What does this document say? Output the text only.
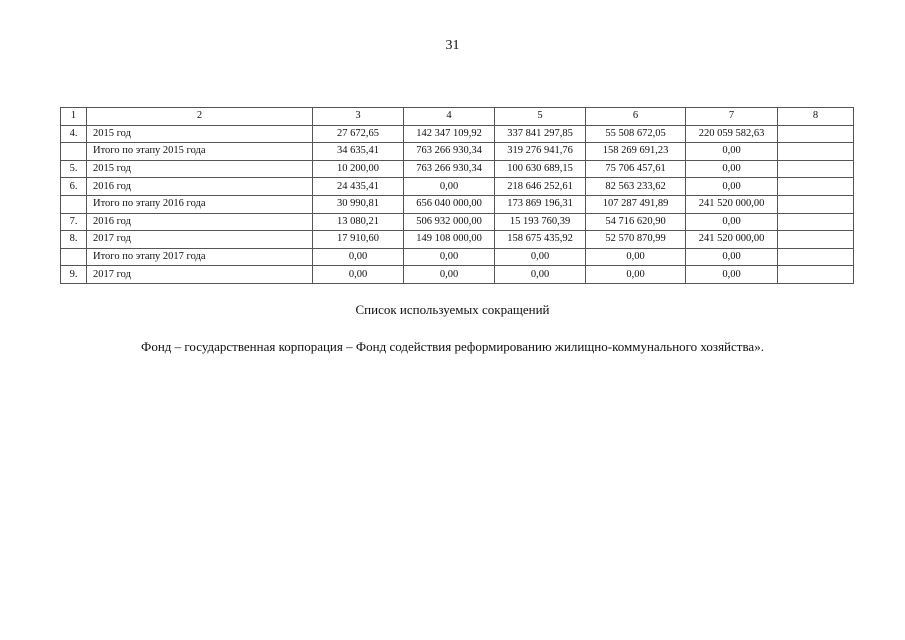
31
1	2	3	4	5	6	7	8
4.	2015 год	27 672,65	142 347 109,92	337 841 297,85	55 508 672,05	220 059 582,63	
	Итого по этапу 2015 года	34 635,41	763 266 930,34	319 276 941,76	158 269 691,23	0,00	
5.	2015 год	10 200,00	763 266 930,34	100 630 689,15	75 706 457,61	0,00	
6.	2016 год	24 435,41	0,00	218 646 252,61	82 563 233,62	0,00	
	Итого по этапу 2016 года	30 990,81	656 040 000,00	173 869 196,31	107 287 491,89	241 520 000,00	
7.	2016 год	13 080,21	506 932 000,00	15 193 760,39	54 716 620,90	0,00	
8.	2017 год	17 910,60	149 108 000,00	158 675 435,92	52 570 870,99	241 520 000,00	
	Итого по этапу 2017 года	0,00	0,00	0,00	0,00	0,00	
9.	2017 год	0,00	0,00	0,00	0,00	0,00	
Список используемых сокращений
Фонд – государственная корпорация – Фонд содействия реформированию жилищно-коммунального хозяйства».
